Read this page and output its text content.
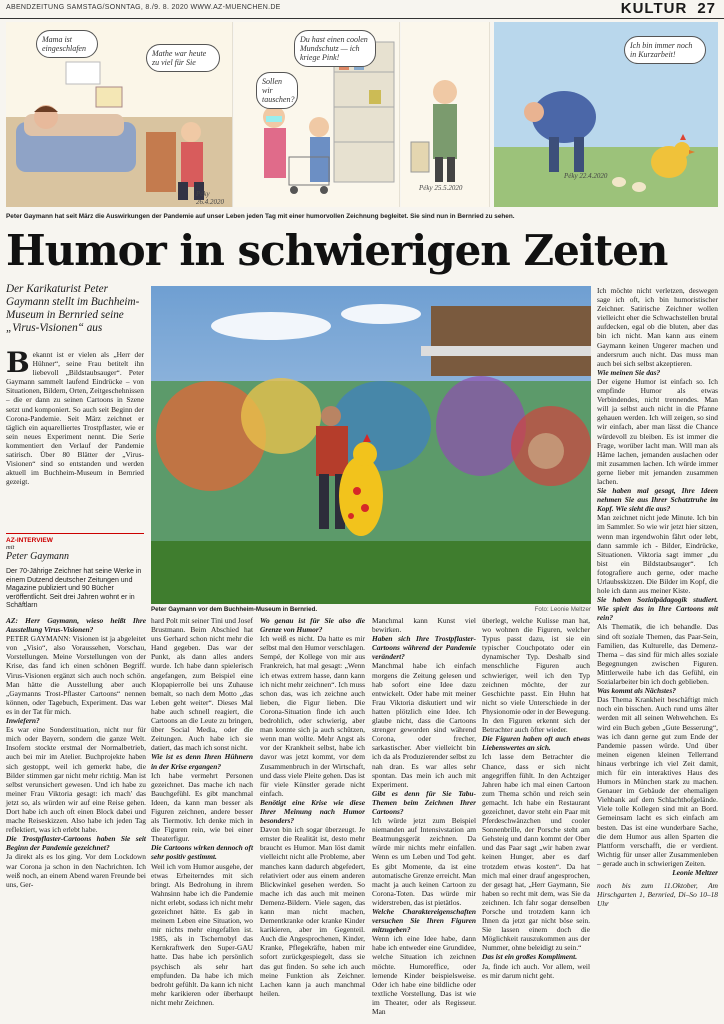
ABENDZEITUNG SAMSTAG/SONNTAG, 8./9. 8. 2020 WWW.AZ-MUENCHEN.DE	KULTUR 27
Mama ist eingeschlafen
Mathe war heute zu viel für Sie
Péky 26.4.2020
Du hast einen coolen Mundschutz — ich kriege Pink!
Sollen wir tauschen?
Péky 25.5.2020
Ich bin immer noch in Kurzarbeit!
Péky 22.4.2020
Peter Gaymann hat seit März die Auswirkungen der Pandemie auf unser Leben jeden Tag mit einer humorvollen Zeichnung begleitet. Sie sind nun in Bernried zu sehen.
Humor in schwierigen Zeiten
Der Karikaturist Peter Gaymann stellt im Buchheim-Museum in Bernried seine „Virus-Visionen“ aus
Bekannt ist er vielen als „Herr der Hühner“, seine Frau betitelt ihn liebevoll „Bildstaubsauger“. Peter Gaymann sammelt laufend Eindrücke – von Situationen, Bildern, Orten, Zeitgeschehnissen – die er dann zu seinen Cartoons in Szene setzt und komponiert. So auch seit Beginn der Corona-Pandemie. Seit März zeichnet er täglich ein aquarelliertes Trostpflaster, wie er sein neues Experiment nennt. Die Serie kommentiert den Verlauf der Pandemie satirisch. Über 80 Blätter der „Virus-Visionen“ sind so entstanden und werden aktuell im Buchheim-Museum in Bernried gezeigt.
AZ-INTERVIEW
mit
Peter Gaymann
Der 70-Jährige Zeichner hat seine Werke in einem Dutzend deutscher Zeitungen und Magazine publiziert und 90 Bücher veröffentlicht. Seit drei Jahren wohnt er in Schäftlarn
Peter Gaymann vor dem Buchheim-Museum in Bernried.	Foto: Leonie Meltzer

AZ: Herr Gaymann, wieso heißt Ihre Ausstellung Virus-Visionen?

PETER GAYMANN: Visionen ist ja abgeleitet von „Visio“, also Voraussehen, Vorschau, Vorstellungen. Meine Vorstellungen von der Krise, das fand ich einen schönen Begriff. Virus-Visionen ergänzt sich auch noch schön. Man hätte die Ausstellung aber auch „Gaymanns Trost-Pflaster Cartoons“ nennen können, oder Tagebuch, Experiment. Das war es in der Tat für mich.

Inwiefern?

Es war eine Sonderstituation, nicht nur für mich oder Bayern, sondern die ganze Welt. Insofern stockte erstmal der Normalbetrieb, auch bei mir im Atelier. Buchprojekte haben sich gestoppt, weil ich gemerkt habe, die Bilder stimmen gar nicht mehr richtig. Man ist selbst verunsichert gewesen. Und ich habe zu meiner Frau Viktoria gesagt: ich mach' das jetzt so, als würden wir auf eine Reise gehen. Dort habe ich auch oft einen Block dabei und mache Reiseskizzen. Also habe ich jeden Tag reflektiert, was ich erlebt habe.

Die Trostpflaster-Cartoons haben Sie seit Beginn der Pandemie gezeichnet?

Ja direkt als es los ging. Vor dem Lockdown war Corona ja schon in den Nachrichten. Ich weiß noch, an einem Abend waren Freunde bei uns, Ger-

hard Polt mit seiner Tini und Josef Brustmann. Beim Abschied hat uns Gerhard schon nicht mehr die Hand gegeben. Das war der Punkt, als dann alles anders wurde. Ich habe dann spielerisch angefangen, zum Beispiel eine Klopapierrolle bei uns Zuhause bemalt, so nach dem Motto „das Leben geht weiter“. Dieses Mal habe auch schnell reagiert, die Cartoons an die Leute zu bringen, über Social Media, oder die Zeitungen. Auch habe ich sie datiert, das mach ich sonst nicht.

Wie ist es denn Ihren Hühnern in der Krise ergangen?

Ich habe vermehrt Personen gezeichnet. Das mache ich nach Bauchgefühl. Es gibt manchmal Ideen, da kann man besser als Figuren zeichnen, andere besser als Tiermotiv. Ich denke mich in die Figuren rein, wie bei einer Theaterfigur.

Die Cartoons wirken dennoch oft sehr positiv gestimmt.

Weil ich vom Humor ausgehe, der etwas Erheiterndes mit sich bringt. Als Bedrohung in ihrem Wahnsinn habe ich die Pandemie nicht erlebt, sodass ich nicht mehr gezeichnet hätte. Es gab in meinem Leben eine Situation, wo mir nichts mehr eingefallen ist. 1985, als in Tschernobyl das Kernkraftwerk den Super-GAU hatte. Das habe ich persönlich psychisch als sehr hart empfunden. Da habe ich mich bedroht gefühlt. Da kann ich nicht mehr karikieren oder überhaupt nicht mehr Zeichnen.

Wo genau ist für Sie also die Grenze von Humor?

Ich weiß es nicht. Da hatte es mir selbst mal den Humor verschlagen. Sempé, der Kollege von mir aus Frankreich, hat mal gesagt: „Wenn ich etwas extrem hasse, dann kann ich nicht mehr zeichnen“. Ich muss schon das, was ich zeichne auch lieben, die Figur lieben. Die Corona-Situation finde ich auch bedrohlich, oder schwierig, aber man konnte sich ja auch schützen, wenn man wollte. Mehr Angst als vor der Krankheit selbst, habe ich davor was jetzt kommt, vor dem Zusammenbruch in der Wirtschaft, und dass viele Pleite gehen. Das ist für viele Künstler gerade nicht einfach.

Benötigt eine Krise wie diese Ihrer Meinung nach Humor besonders?

Davon bin ich sogar überzeugt. Je ernster die Realität ist, desto mehr braucht es Humor. Man löst damit vielleicht nicht alle Probleme, aber manches kann dadurch abgefedert, relativiert oder aus einem anderen Blickwinkel gesehen werden. So mache ich das auch mit meinen Demenz-Bildern. Viele sagen, das kann man nicht machen, Dementkranke oder kranke Kinder karikieren, aber im Gegenteil. Auch die Angesprochenen, Kinder, Kranke, Pflegekräfte, haben mir sofort zurückgespiegelt, dass sie das gut finden. So sehe ich auch meine Funktion als Zeichner. Lachen kann ja auch manchmal heilen.

Manchmal kann Kunst viel bewirken.

Haben sich Ihre Trostpflaster-Cartoons während der Pandemie verändert?

Manchmal habe ich einfach morgens die Zeitung gelesen und hab sofort eine Idee dazu entwickelt. Oder habe mit meiner Frau Viktoria diskutiert und wir hatten plötzlich eine Idee. Ich glaube nicht, dass die Cartoons strenger geworden sind während Corona, oder frecher, sarkastischer. Aber vielleicht bin ich da als Produzierender selbst zu nah dran. Es war alles sehr spontan. Das mein ich auch mit Experiment.

Gibt es denn für Sie Tabu-Themen beim Zeichnen Ihrer Cartoons?

Ich würde jetzt zum Beispiel niemanden auf Intensivstation am Beatmungsgerät zeichnen. Da würde mir nichts mehr einfallen. Wenn es um Leben und Tod geht. Es gibt Momente, da ist eine automatische Grenze erreicht. Man macht ja auch keinen Cartoon zu Corona-Toten. Das würde mir widerstreben, das ist pietätlos.

Welche Charaktereigenschaften versuchen Sie Ihren Figuren mitzugeben?

Wenn ich eine Idee habe, dann habe ich entweder eine Grundidee, welche Situation ich zeichnen möchte. Humoreffice, oder lernende Kinder beispielsweise. Oder ich habe eine bildliche oder textliche Vorstellung. Das ist wie im Theater, oder als Regisseur. Man

überlegt, welche Kulisse man hat, wo wohnen die Figuren, welcher Typus passt dazu, ist sie ein typischer Couchpotato oder ein dynamischer Typ. Deshalb sind menschliche Figuren auch schwieriger, weil ich den Typ zeichnen möchte, der zur Geschichte passt. Ein Huhn hat nicht so viele Unterschiede in der Physionomie oder in der Bewegung. In den Figuren erkennt sich der Betrachter auch öfter wieder.

Die Figuren haben oft auch etwas Liebenswertes an sich.

Ich lasse dem Betrachter die Chance, dass er sich nicht angegriffen fühlt. In den Achtziger Jahren habe ich mal einen Cartoon zum Thema schön und reich sein gemacht. Ich habe ein Restaurant gezeichnet, davor steht ein Paar mit Pferdeschwänzchen und cooler Sonnenbrille, der Porsche steht am Gehsteig und dann kommt der Ober und das Paar sagt „wir haben zwar keinen Hunger, aber es darf trotzdem etwas kosten“. Da hat mich mal einer drauf angesprochen, der gesagt hat, „Herr Gaymann, Sie haben so recht mit dem, was Sie da zeichnen. Ich fahr sogar denselben Porsche und trotzdem kann ich Ihnen da jetzt gar nicht böse sein. Sie lassen einem doch die Möglichkeit rauszukommen aus der Nummer, ohne beleidigt zu sein.“

Das ist ein großes Kompliment.

Ja, finde ich auch. Vor allem, weil es mir darum nicht geht.

Ich möchte nicht verletzen, deswegen sage ich oft, ich bin humoristischer Zeichner. Satirische Zeichner wollen vielleicht eher die Schwachstellen brutal aufdecken, egal ob die bluten, aber das bin ich nicht. Man kann aus einem Gaymann keinen Ungerer machen und andersrum auch nicht. Das muss man auch bei sich selbst akzeptieren.

Wie meinen Sie das?

Der eigene Humor ist einfach so. Ich empfinde Humor als etwas Verbindendes, nicht trennendes. Man will ja selbst auch nicht in die Pfanne gehauen werden. Ich will zeigen, so sind wir einfach, aber man lässt die Chance würdevoll zu bleiben. Es ist immer die Frage, worüber lacht man. Will man als Häme lachen, jemanden auslachen oder mit zusammen lachen. Ich würde immer gerne lieber mit jemanden zusammen lachen.

Sie haben mal gesagt, Ihre Ideen nehmen Sie aus Ihrer Schatztruhe im Kopf. Wie sieht die aus?

Man zeichnet nicht jede Minute. Ich bin im Sammler. So wie wir jetzt hier sitzen, wenn man irgendwohin fährt oder lebt, dann sammle ich - Bilder, Eindrücke, Situationen. Viktoria sagt immer „du bist ein Bildstaubsauger“. Ich fotografiere auch gerne, oder mache Urlaubsskizzen. Die Bilder im Kopf, die hole ich dann aus meiner Kiste.

Sie haben Sozialpädagogik studiert. Wie spielt das in Ihre Cartoons mit rein?

Als Thematik, die ich behandle. Das sind oft soziale Themen, das Paar-Sein, Familien, das Kulturelle, das Demenz-Thema – das sind für mich alles soziale Begegnungen zwischen Figuren. Mittlerweile habe ich das Gefühl, ein Sozialarbeiter bin ich doch geblieben.

Was kommt als Nächstes?

Das Thema Krankheit beschäftigt mich noch ein bisschen. Auch rund ums älter werden mit all seinen Wehwehchen. Es wird ein Buch geben „Gute Besserung“, was ich dann gerne gut zum Ende der Pandemie passen würde. Und über meinen eigenen kleinen Tellerrand hinaus verbringe ich viel Zeit damit, mich für ein interaktives Haus des Humors in München stark zu machen. Genauer im Gebäude der ehemaligen Viehbank auf dem Schlachthofgelände. Viele tolle Kollegen sind mit an Bord. Gemeinsam lacht es sich einfach am besten. Das ist eine wunderbare Sache, die dem Humor aus allen Sparten die Plattform verschafft, die er verdient. Wichtig für unser aller Zusammenleben – gerade auch in schwierigen Zeiten.

Leonie Meltzer

noch bis zum 11.Oktober, Am Hirschgarten 1, Bernried, Di–So 10–18 Uhr
